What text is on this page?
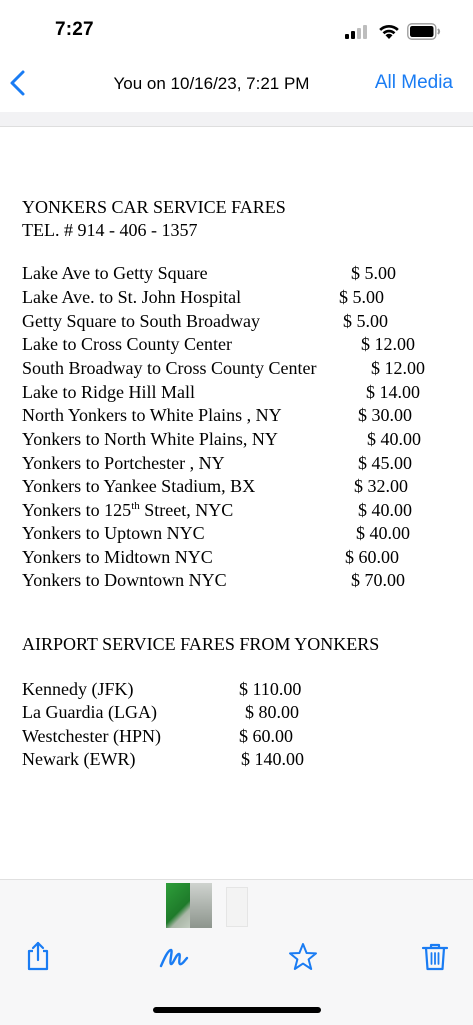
7:27
You on 10/16/23, 7:21 PM	All Media
YONKERS CAR SERVICE FARES
TEL. # 914 - 406 - 1357
Lake Ave to Getty Square	$ 5.00
Lake Ave. to St. John Hospital	$ 5.00
Getty Square to South Broadway	$ 5.00
Lake to Cross County Center	$ 12.00
South Broadway to Cross County Center	$ 12.00
Lake to Ridge Hill Mall	$ 14.00
North Yonkers to White Plains , NY	$ 30.00
Yonkers to North White Plains, NY	$ 40.00
Yonkers to Portchester , NY	$ 45.00
Yonkers to Yankee Stadium, BX	$ 32.00
Yonkers to 125th Street, NYC	$ 40.00
Yonkers to Uptown NYC	$ 40.00
Yonkers to Midtown NYC	$ 60.00
Yonkers to Downtown NYC	$ 70.00
AIRPORT SERVICE FARES FROM YONKERS
Kennedy (JFK)	$ 110.00
La Guardia (LGA)	$ 80.00
Westchester (HPN)	$ 60.00
Newark (EWR)	$ 140.00
